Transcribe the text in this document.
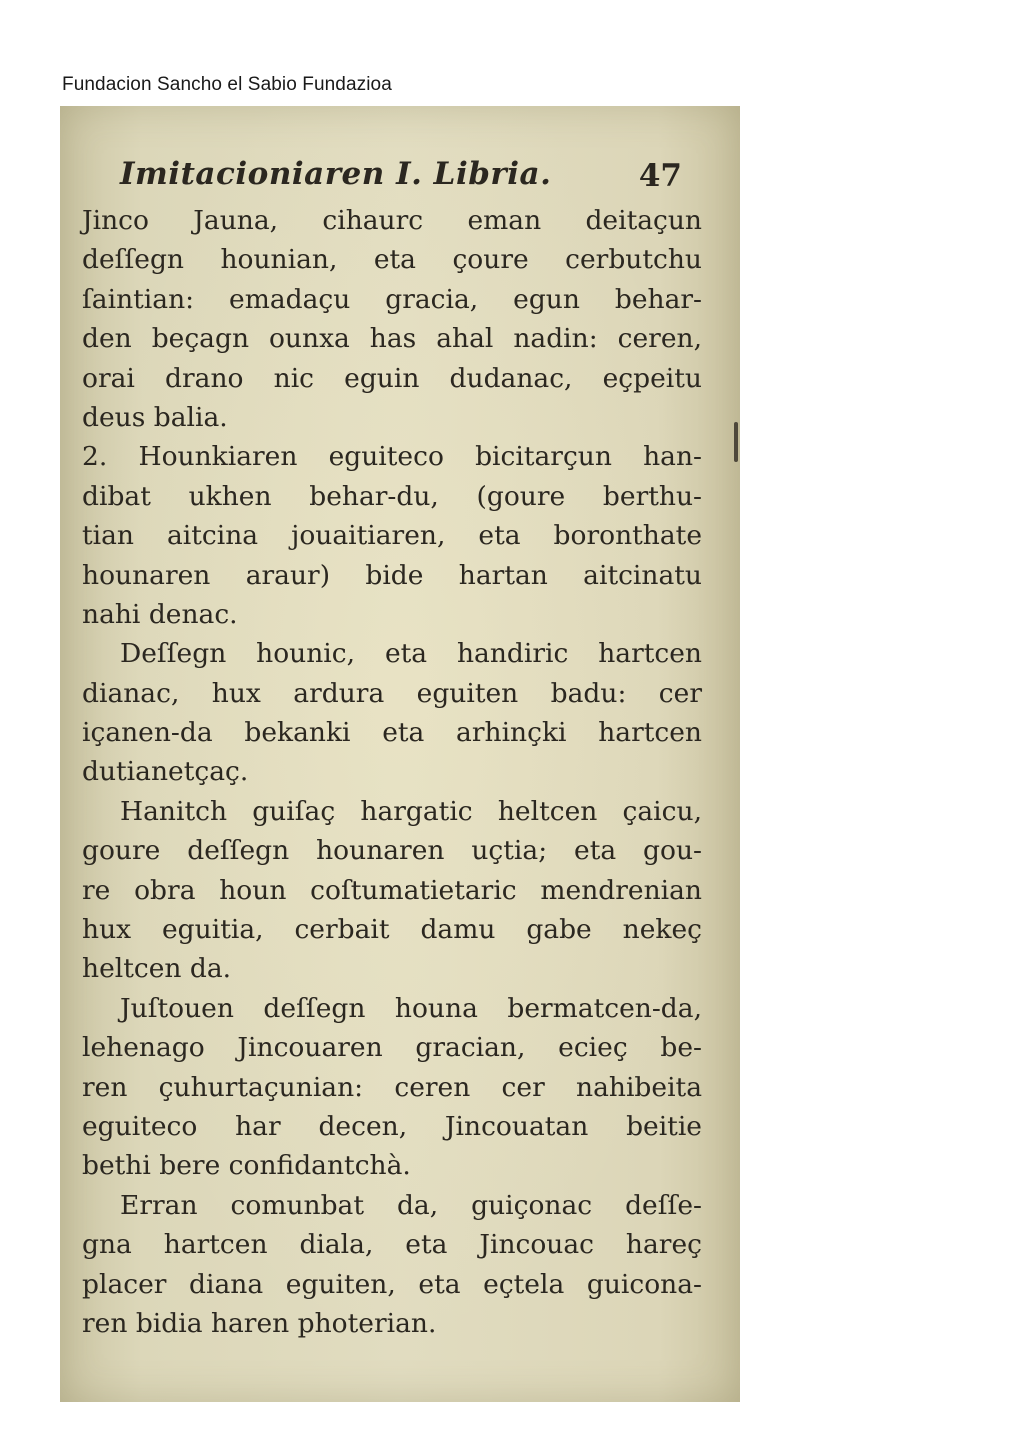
Fundacion Sancho el Sabio Fundazioa
Imitacioniaren I. Libria.	47
Jinco Jauna, cihaurc eman deitaçun
deſſegn hounian, eta çoure cerbutchu
ſaintian: emadaçu gracia, egun behar-
den beçagn ounxa has ahal nadin: ceren,
orai drano nic eguin dudanac, eçpeitu
deus balia.
2. Hounkiaren eguiteco bicitarçun han-
dibat ukhen behar-du, (goure berthu-
tian aitcina jouaitiaren, eta boronthate
hounaren araur) bide hartan aitcinatu
nahi denac.
Deſſegn hounic, eta handiric hartcen
dianac, hux ardura eguiten badu: cer
içanen-da bekanki eta arhinçki hartcen
dutianetçaç.
Hanitch guiſaç hargatic heltcen çaicu,
goure deſſegn hounaren uçtia; eta gou-
re obra houn coſtumatietaric mendrenian
hux eguitia, cerbait damu gabe nekeç
heltcen da.
Juſtouen deſſegn houna bermatcen-da,
lehenago Jincouaren gracian, ecieç be-
ren çuhurtaçunian: ceren cer nahibeita
eguiteco har decen, Jincouatan beitie
bethi bere confidantchà.
Erran comunbat da, guiçonac deſſe-
gna hartcen diala, eta Jincouac hareç
placer diana eguiten, eta eçtela guicona-
ren bidia haren photerian.
